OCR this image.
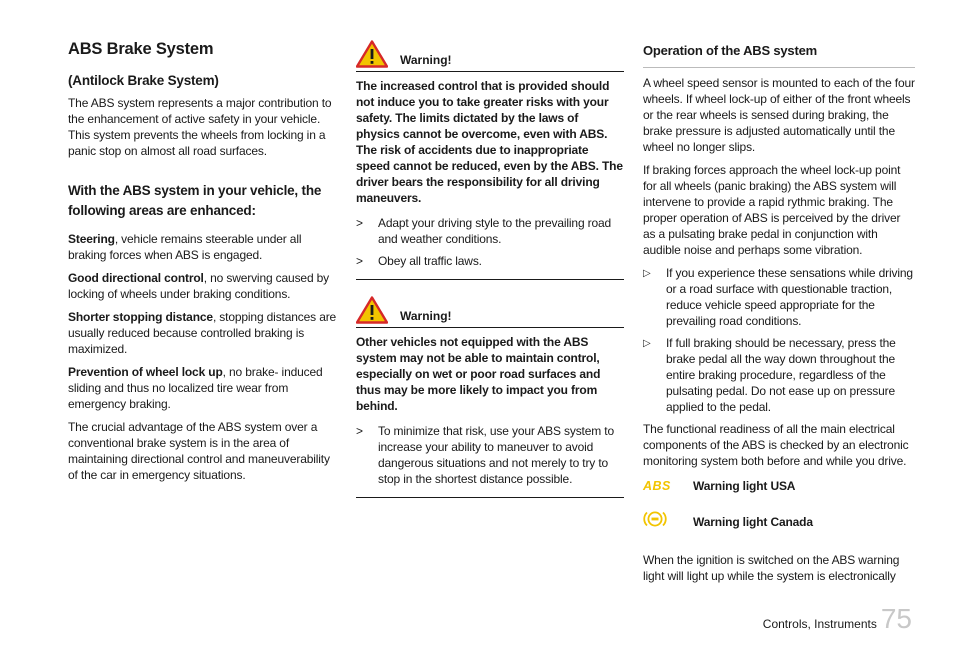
ABS Brake System
(Antilock Brake System)

The ABS system represents a major contribution to the enhancement of active safety in your vehicle. This system prevents the wheels from locking in a panic stop on almost all road surfaces.

With the ABS system in your vehicle, the following areas are enhanced:

Steering, vehicle remains steerable under all braking forces when ABS is engaged.

Good directional control, no swerving caused by locking of wheels under braking conditions.

Shorter stopping distance, stopping distances are usually reduced because controlled braking is maximized.

Prevention of wheel lock up, no brake- induced sliding and thus no localized tire wear from emergency braking.

The crucial advantage of the ABS system over a conventional brake system is in the area of maintaining directional control and maneuverability of the car in emergency situations.

Warning!
The increased control that is provided should not induce you to take greater risks with your safety. The limits dictated by the laws of physics cannot be overcome, even with ABS. The risk of accidents due to inappropriate speed cannot be reduced, even by the ABS. The driver bears the responsibility for all driving maneuvers.
>	Adapt your driving style to the prevailing road and weather conditions.
>	Obey all traffic laws.
Warning!
Other vehicles not equipped with the ABS system may not be able to maintain control, especially on wet or poor road surfaces and thus may be more likely to impact you from behind.
>	To minimize that risk, use your ABS system to increase your ability to maneuver to avoid dangerous situations and not merely to try to stop in the shortest distance possible.
Operation of the ABS system

A wheel speed sensor is mounted to each of the four wheels. If wheel lock-up of either of the front wheels or the rear wheels is sensed during braking, the brake pressure is adjusted automatically until the wheel no longer slips.

If braking forces approach the wheel lock-up point for all wheels (panic braking) the ABS system will intervene to provide a rapid rythmic braking. The proper operation of ABS is perceived by the driver as a pulsating brake pedal in conjunction with audible noise and perhaps some vibration.

▷	If you experience these sensations while driving or a road surface with questionable traction, reduce vehicle speed appropriate for the prevailing road conditions.
▷	If full braking should be necessary, press the brake pedal all the way down throughout the entire braking procedure, regardless of the pulsating pedal. Do not ease up on pressure applied to the pedal.

The functional readiness of all the main electrical components of the ABS is checked by an electronic monitoring system both before and while you drive.

ABS	Warning light USA
Warning light Canada

When the ignition is switched on the ABS warning light will light up while the system is electronically

Controls, Instruments 75
